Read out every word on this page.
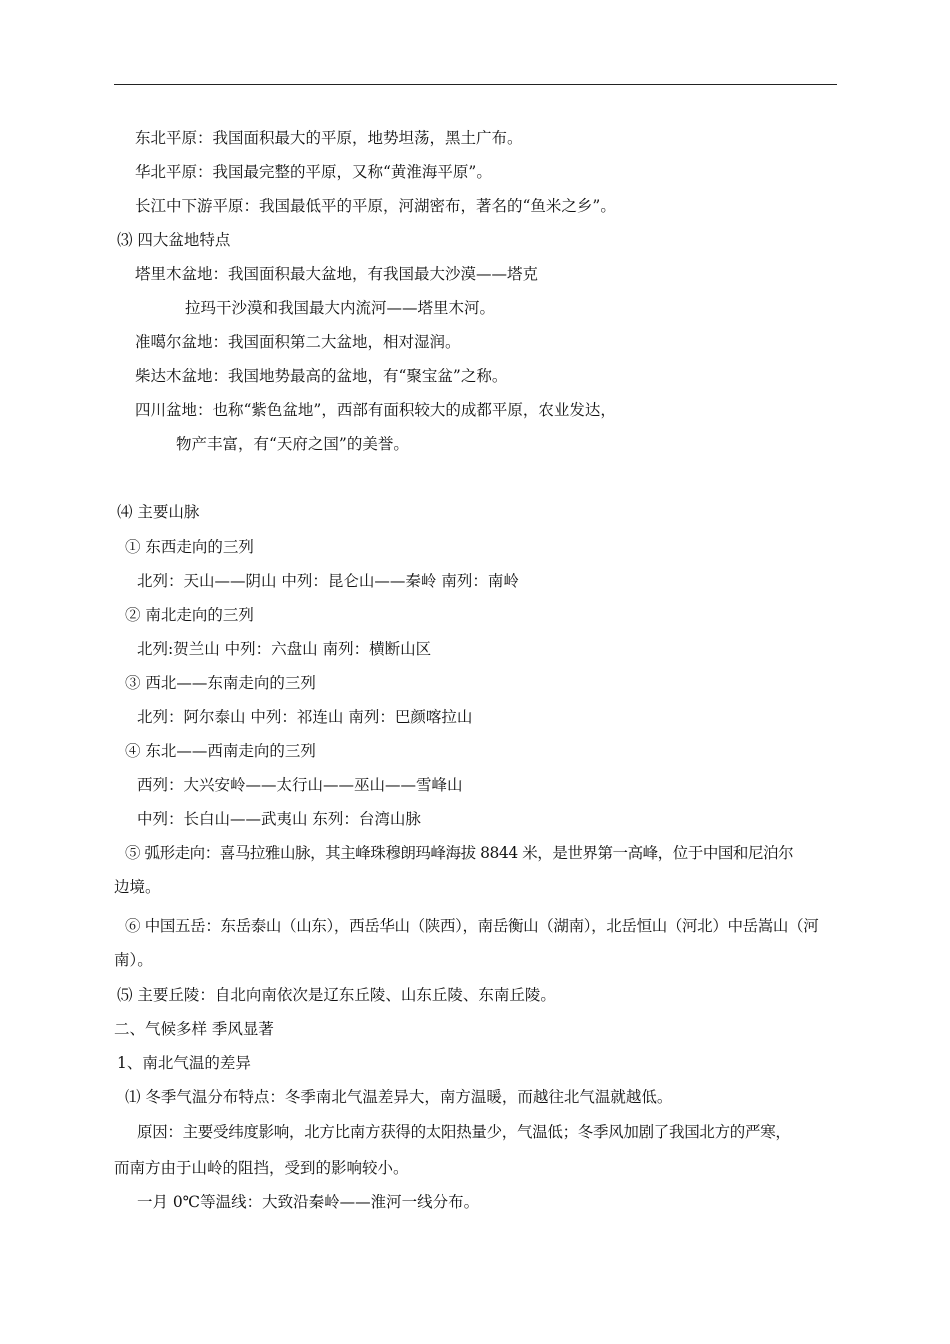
东北平原：我国面积最大的平原，地势坦荡，黑土广布。
华北平原：我国最完整的平原，又称“黄淮海平原”。
长江中下游平原：我国最低平的平原，河湖密布，著名的“鱼米之乡”。
⑶ 四大盆地特点
塔里木盆地：我国面积最大盆地，有我国最大沙漠——塔克
拉玛干沙漠和我国最大内流河——塔里木河。
准噶尔盆地：我国面积第二大盆地，相对湿润。
柴达木盆地：我国地势最高的盆地，有“聚宝盆”之称。
四川盆地：也称“紫色盆地”，西部有面积较大的成都平原，农业发达，
物产丰富，有“天府之国”的美誉。
⑷ 主要山脉
① 东西走向的三列
北列：天山——阴山 中列：昆仑山——秦岭 南列：南岭
② 南北走向的三列
北列:贺兰山 中列：六盘山 南列：横断山区
③ 西北——东南走向的三列
北列：阿尔泰山 中列：祁连山 南列：巴颜喀拉山
④ 东北——西南走向的三列
西列：大兴安岭——太行山——巫山——雪峰山
中列：长白山——武夷山 东列：台湾山脉
⑤ 弧形走向：喜马拉雅山脉，其主峰珠穆朗玛峰海拔 8844 米，是世界第一高峰，位于中国和尼泊尔
边境。
⑥ 中国五岳：东岳泰山（山东），西岳华山（陕西），南岳衡山（湖南），北岳恒山（河北）中岳嵩山（河
南）。
⑸ 主要丘陵：自北向南依次是辽东丘陵、山东丘陵、东南丘陵。
二、气候多样 季风显著
1、南北气温的差异
⑴ 冬季气温分布特点：冬季南北气温差异大，南方温暖，而越往北气温就越低。
原因：主要受纬度影响，北方比南方获得的太阳热量少，气温低；冬季风加剧了我国北方的严寒，
而南方由于山岭的阻挡，受到的影响较小。
一月 0℃等温线：大致沿秦岭——淮河一线分布。
